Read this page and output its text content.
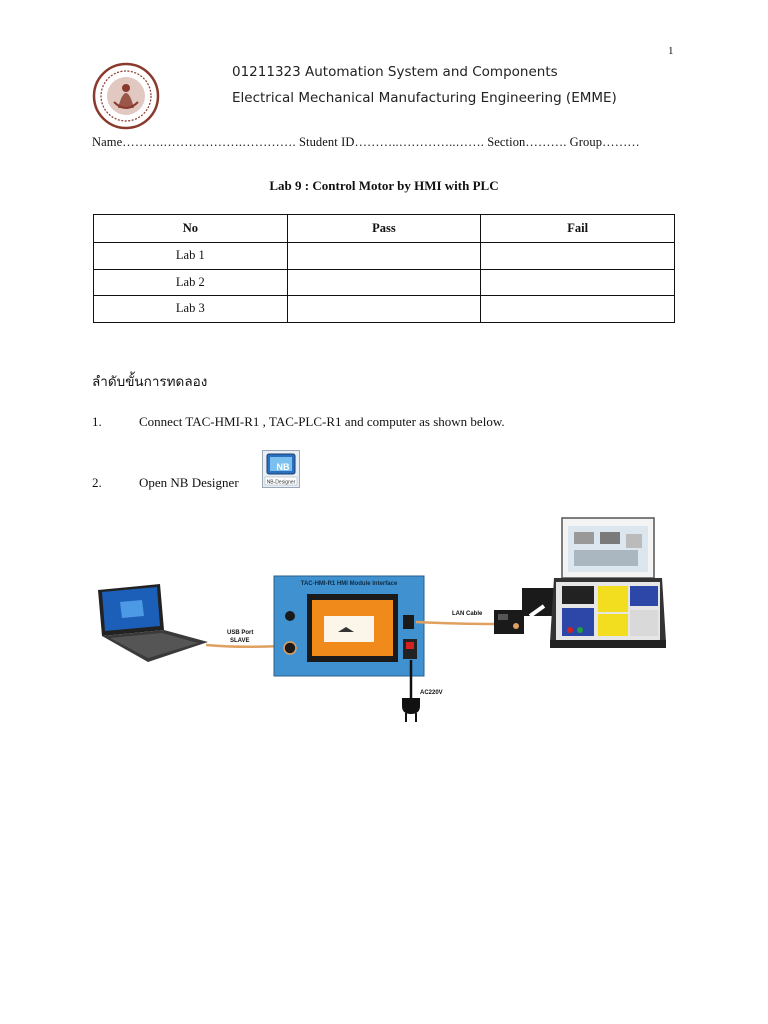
1
01211323 Automation System and Components
Electrical Mechanical Manufacturing Engineering (EMME)
Name……….……………….…………. Student ID………..…………..……. Section………. Group………
Lab 9 : Control Motor by HMI with PLC
No	Pass	Fail
Lab 1		
Lab 2		
Lab 3		
ลำดับขั้นการทดลอง
1.	Connect TAC-HMI-R1 , TAC-PLC-R1 and computer as shown below.
2.	Open NB Designer
NB
NB-Designer
USB Port
SLAVE
TAC-HMI-R1 HMI Module Interface
LAN Cable
AC220V
